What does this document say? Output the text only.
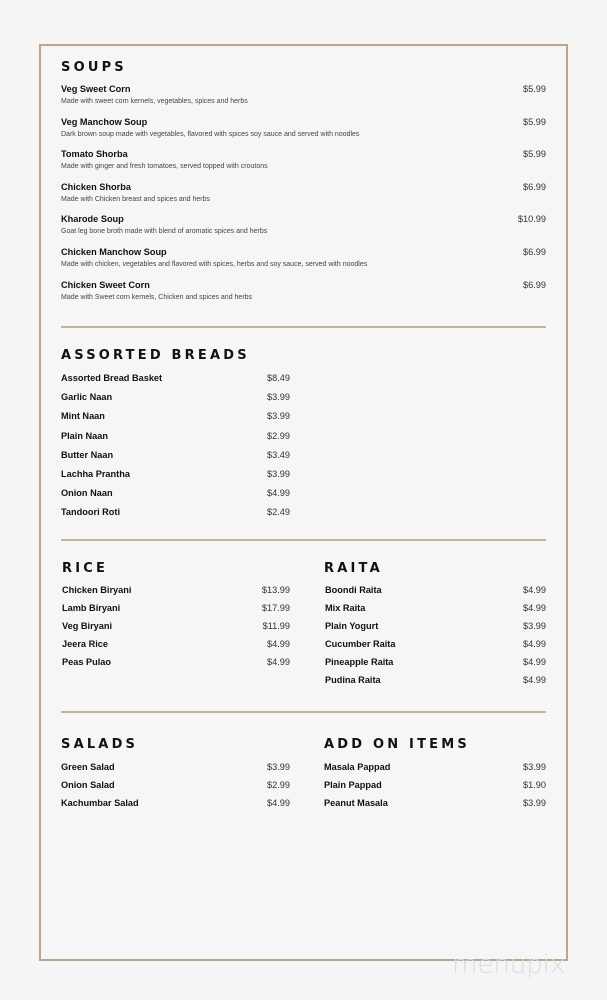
SOUPS
Veg Sweet Corn	$5.99
Made with sweet corn kernels, vegetables, spices and herbs
Veg Manchow Soup	$5.99
Dark brown soup made with vegetables, flavored with spices soy sauce and served with noodles
Tomato Shorba	$5.99
Made with ginger and fresh tomatoes, served topped with croutons
Chicken Shorba	$6.99
Made with Chicken breast and spices and herbs
Kharode Soup	$10.99
Goat leg bone broth made with blend of aromatic spices and herbs
Chicken Manchow Soup	$6.99
Made with chicken, vegetables and flavored with spices, herbs and soy sauce, served with noodles
Chicken Sweet Corn	$6.99
Made with Sweet corn kernels, Chicken and spices and herbs
ASSORTED BREADS
Assorted Bread Basket	$8.49
Garlic Naan	$3.99
Mint Naan	$3.99
Plain Naan	$2.99
Butter Naan	$3.49
Lachha Prantha	$3.99
Onion Naan	$4.99
Tandoori Roti	$2.49
RICE
Chicken Biryani	$13.99
Lamb Biryani	$17.99
Veg Biryani	$11.99
Jeera Rice	$4.99
Peas Pulao	$4.99
RAITA
Boondi Raita	$4.99
Mix Raita	$4.99
Plain Yogurt	$3.99
Cucumber Raita	$4.99
Pineapple Raita	$4.99
Pudina Raita	$4.99
SALADS
Green Salad	$3.99
Onion Salad	$2.99
Kachumbar Salad	$4.99
ADD ON ITEMS
Masala Pappad	$3.99
Plain Pappad	$1.90
Peanut Masala	$3.99
menupix
